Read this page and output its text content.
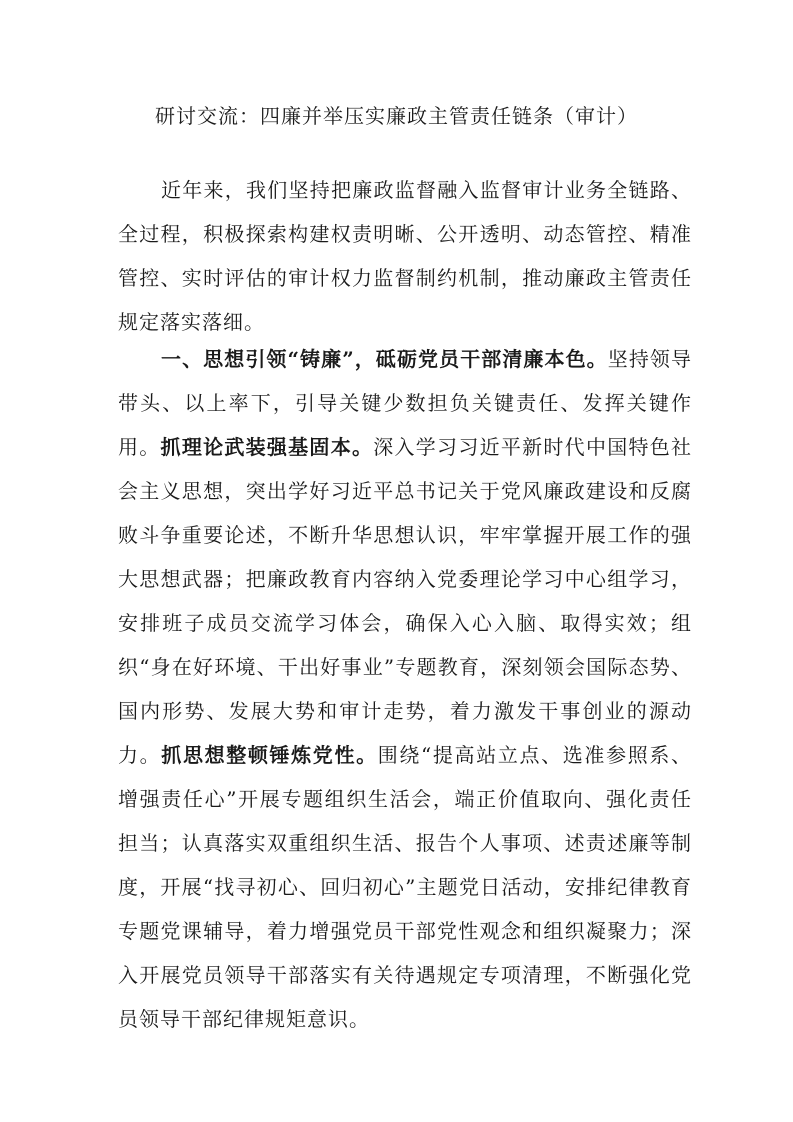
研讨交流：四廉并举压实廉政主管责任链条（审计）

近年来，我们坚持把廉政监督融入监督审计业务全链路、全过程，积极探索构建权责明晰、公开透明、动态管控、精准管控、实时评估的审计权力监督制约机制，推动廉政主管责任规定落实落细。

一、思想引领“铸廉”，砥砺党员干部清廉本色。坚持领导带头、以上率下，引导关键少数担负关键责任、发挥关键作用。抓理论武装强基固本。深入学习习近平新时代中国特色社会主义思想，突出学好习近平总书记关于党风廉政建设和反腐败斗争重要论述，不断升华思想认识，牢牢掌握开展工作的强大思想武器；把廉政教育内容纳入党委理论学习中心组学习，安排班子成员交流学习体会，确保入心入脑、取得实效；组织“身在好环境、干出好事业”专题教育，深刻领会国际态势、国内形势、发展大势和审计走势，着力激发干事创业的源动力。抓思想整顿锤炼党性。围绕“提高站立点、选准参照系、增强责任心”开展专题组织生活会，端正价值取向、强化责任担当；认真落实双重组织生活、报告个人事项、述责述廉等制度，开展“找寻初心、回归初心”主题党日活动，安排纪律教育专题党课辅导，着力增强党员干部党性观念和组织凝聚力；深入开展党员领导干部落实有关待遇规定专项清理，不断强化党员领导干部纪律规矩意识。
